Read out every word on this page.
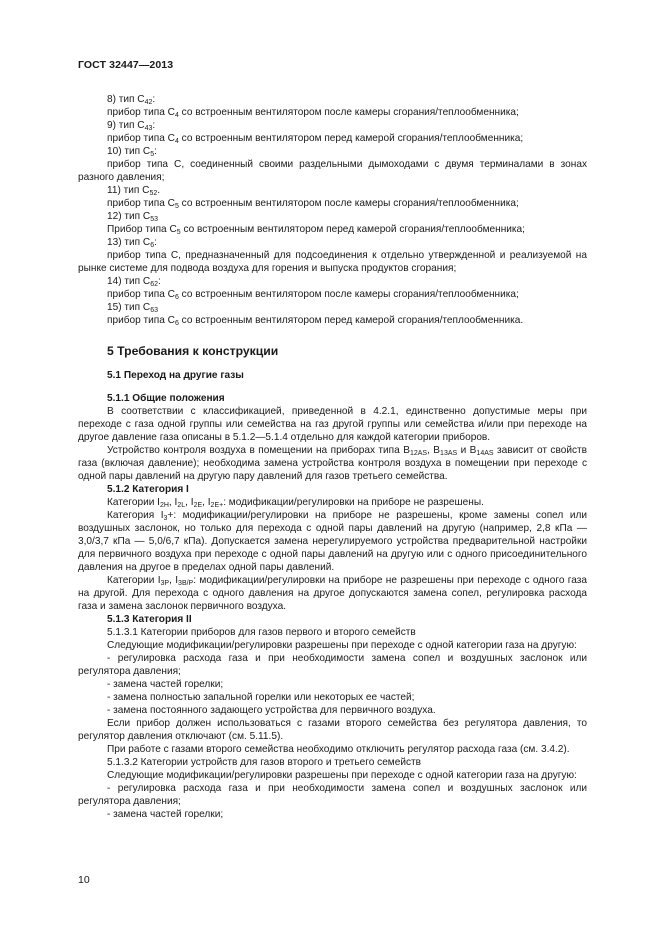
ГОСТ 32447—2013

8) тип $C_{42}$:

прибор типа $C_4$ со встроенным вентилятором после камеры сгорания/теплообменника;

9) тип $C_{43}$:

прибор типа $C_4$ со встроенным вентилятором перед камерой сгорания/теплообменника;

10) тип $C_5$:

прибор типа C, соединенный своими раздельными дымоходами c двумя терминалами в зонах разного давления;

11) тип $C_{52}$.

прибор типа $C_5$ со встроенным вентилятором после камеры сгорания/теплообменника;

12) тип $C_{53}$

Прибор типа $C_5$ со встроенным вентилятором перед камерой сгорания/теплообменника;

13) тип $C_6$:

прибор типа C, предназначенный для подсоединения к отдельно утвержденной и реализуемой на рынке системе для подвода воздуха для горения и выпуска продуктов сгорания;

14) тип $C_{62}$:

прибор типа $C_6$ со встроенным вентилятором после камеры сгорания/теплообменника;

15) тип $C_{63}$

прибор типа $C_6$ со встроенным вентилятором перед камерой сгорания/теплообменника.

5 Требования к конструкции
5.1 Переход на другие газы
5.1.1 Общие положения

В соответствии с классификацией, приведенной в 4.2.1, единственно допустимые меры при переходе с газа одной группы или семейства на газ другой группы или семейства и/или при переходе на другое давление газа описаны в 5.1.2—5.1.4 отдельно для каждой категории приборов.

Устройство контроля воздуха в помещении на приборах типа $B_{12AS}$, $B_{13AS}$ и $B_{14AS}$ зависит от свойств газа (включая давление); необходима замена устройства контроля воздуха в помещении при переходе с одной пары давлений на другую пару давлений для газов третьего семейства.

5.1.2 Категория I

Категории $I_{2H}$, $I_{2L}$, $I_{2E}$, $I_{2E+}$: модификации/регулировки на приборе не разрешены.

Категория $I_3+$: модификации/регулировки на приборе не разрешены, кроме замены сопел или воздушных заслонок, но только для перехода с одной пары давлений на другую (например, 2,8 кПа — 3,0/3,7 кПа — 5,0/6,7 кПа). Допускается замена нерегулируемого устройства предварительной настройки для первичного воздуха при переходе с одной пары давлений на другую или с одного присоединительного давления на другое в пределах одной пары давлений.

Категории $I_{3P}$, $I_{3B/P}$: модификации/регулировки на приборе не разрешены при переходе с одного газа на другой. Для перехода с одного давления на другое допускаются замена сопел, регулировка расхода газа и замена заслонок первичного воздуха.

5.1.3 Категория II

5.1.3.1 Категории приборов для газов первого и второго семейств

Следующие модификации/регулировки разрешены при переходе с одной категории газа на другую:

- регулировка расхода газа и при необходимости замена сопел и воздушных заслонок или регулятора давления;

- замена частей горелки;

- замена полностью запальной горелки или некоторых ее частей;

- замена постоянного задающего устройства для первичного воздуха.

Если прибор должен использоваться с газами второго семейства без регулятора давления, то регулятор давления отключают (см. 5.11.5).

При работе с газами второго семейства необходимо отключить регулятор расхода газа (см. 3.4.2).

5.1.3.2 Категории устройств для газов второго и третьего семейств

Следующие модификации/регулировки разрешены при переходе с одной категории газа на другую:

- регулировка расхода газа и при необходимости замена сопел и воздушных заслонок или регулятора давления;

- замена частей горелки;

10
